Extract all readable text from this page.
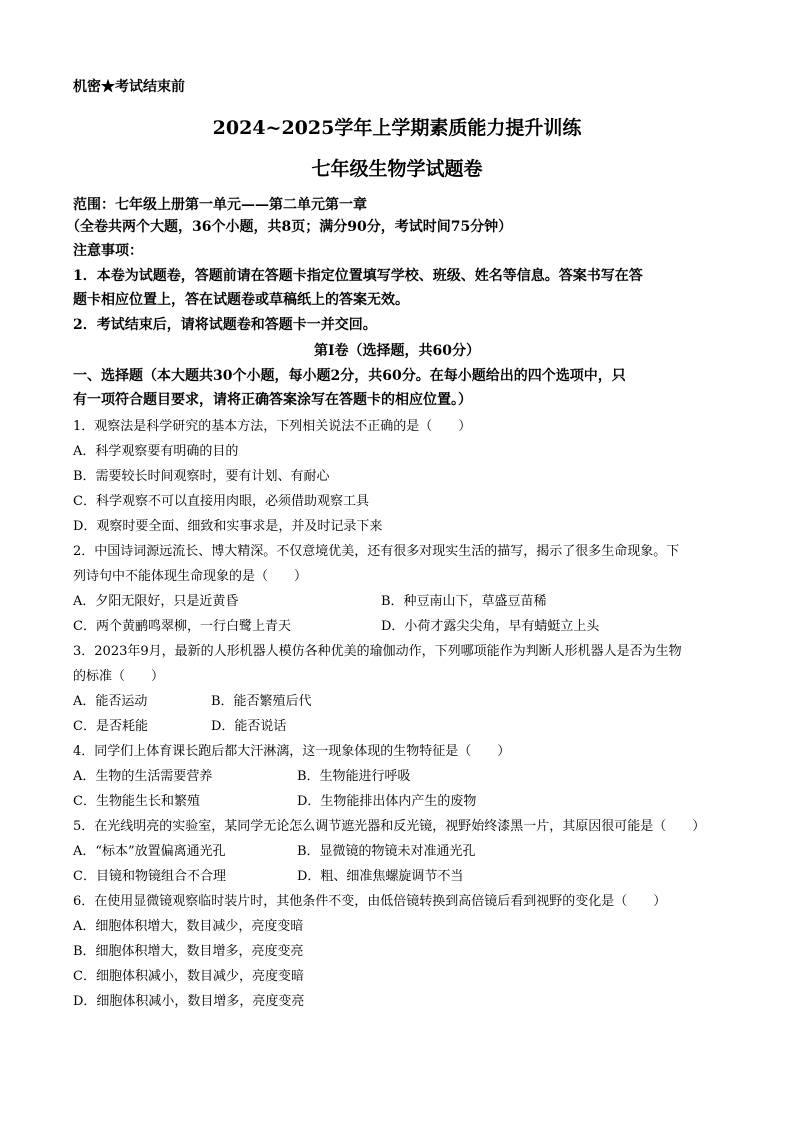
机密★考试结束前
2024~2025学年上学期素质能力提升训练
七年级生物学试题卷
范围：七年级上册第一单元——第二单元第一章
（全卷共两个大题，36个小题，共8页；满分90分，考试时间75分钟）
注意事项：
1．本卷为试题卷，答题前请在答题卡指定位置填写学校、班级、姓名等信息。答案书写在答
题卡相应位置上，答在试题卷或草稿纸上的答案无效。
2．考试结束后，请将试题卷和答题卡一并交回。
第Ⅰ卷（选择题，共60分）
一、选择题（本大题共30个小题，每小题2分，共60分。在每小题给出的四个选项中，只
有一项符合题目要求，请将正确答案涂写在答题卡的相应位置。）
1．观察法是科学研究的基本方法，下列相关说法不正确的是（　　）
A．科学观察要有明确的目的
B．需要较长时间观察时，要有计划、有耐心
C．科学观察不可以直接用肉眼，必须借助观察工具
D．观察时要全面、细致和实事求是，并及时记录下来
2．中国诗词源远流长、博大精深。不仅意境优美，还有很多对现实生活的描写，揭示了很多生命现象。下
列诗句中不能体现生命现象的是（　　）
A．夕阳无限好，只是近黄昏	B．种豆南山下，草盛豆苗稀
C．两个黄鹂鸣翠柳，一行白鹭上青天	D．小荷才露尖尖角，早有蜻蜓立上头
3．2023年9月，最新的人形机器人模仿各种优美的瑜伽动作，下列哪项能作为判断人形机器人是否为生物
的标准（　　）
A．能否运动	B．能否繁殖后代
C．是否耗能	D．能否说话
4．同学们上体育课长跑后都大汗淋漓，这一现象体现的生物特征是（　　）
A．生物的生活需要营养	B．生物能进行呼吸
C．生物能生长和繁殖	D．生物能排出体内产生的废物
5．在光线明亮的实验室，某同学无论怎么调节遮光器和反光镜，视野始终漆黑一片，其原因很可能是（　　）
A．“标本”放置偏离通光孔	B．显微镜的物镜未对准通光孔
C．目镜和物镜组合不合理	D．粗、细准焦螺旋调节不当
6．在使用显微镜观察临时装片时，其他条件不变，由低倍镜转换到高倍镜后看到视野的变化是（　　）
A．细胞体积增大，数目减少，亮度变暗
B．细胞体积增大，数目增多，亮度变亮
C．细胞体积减小，数目减少，亮度变暗
D．细胞体积减小，数目增多，亮度变亮
